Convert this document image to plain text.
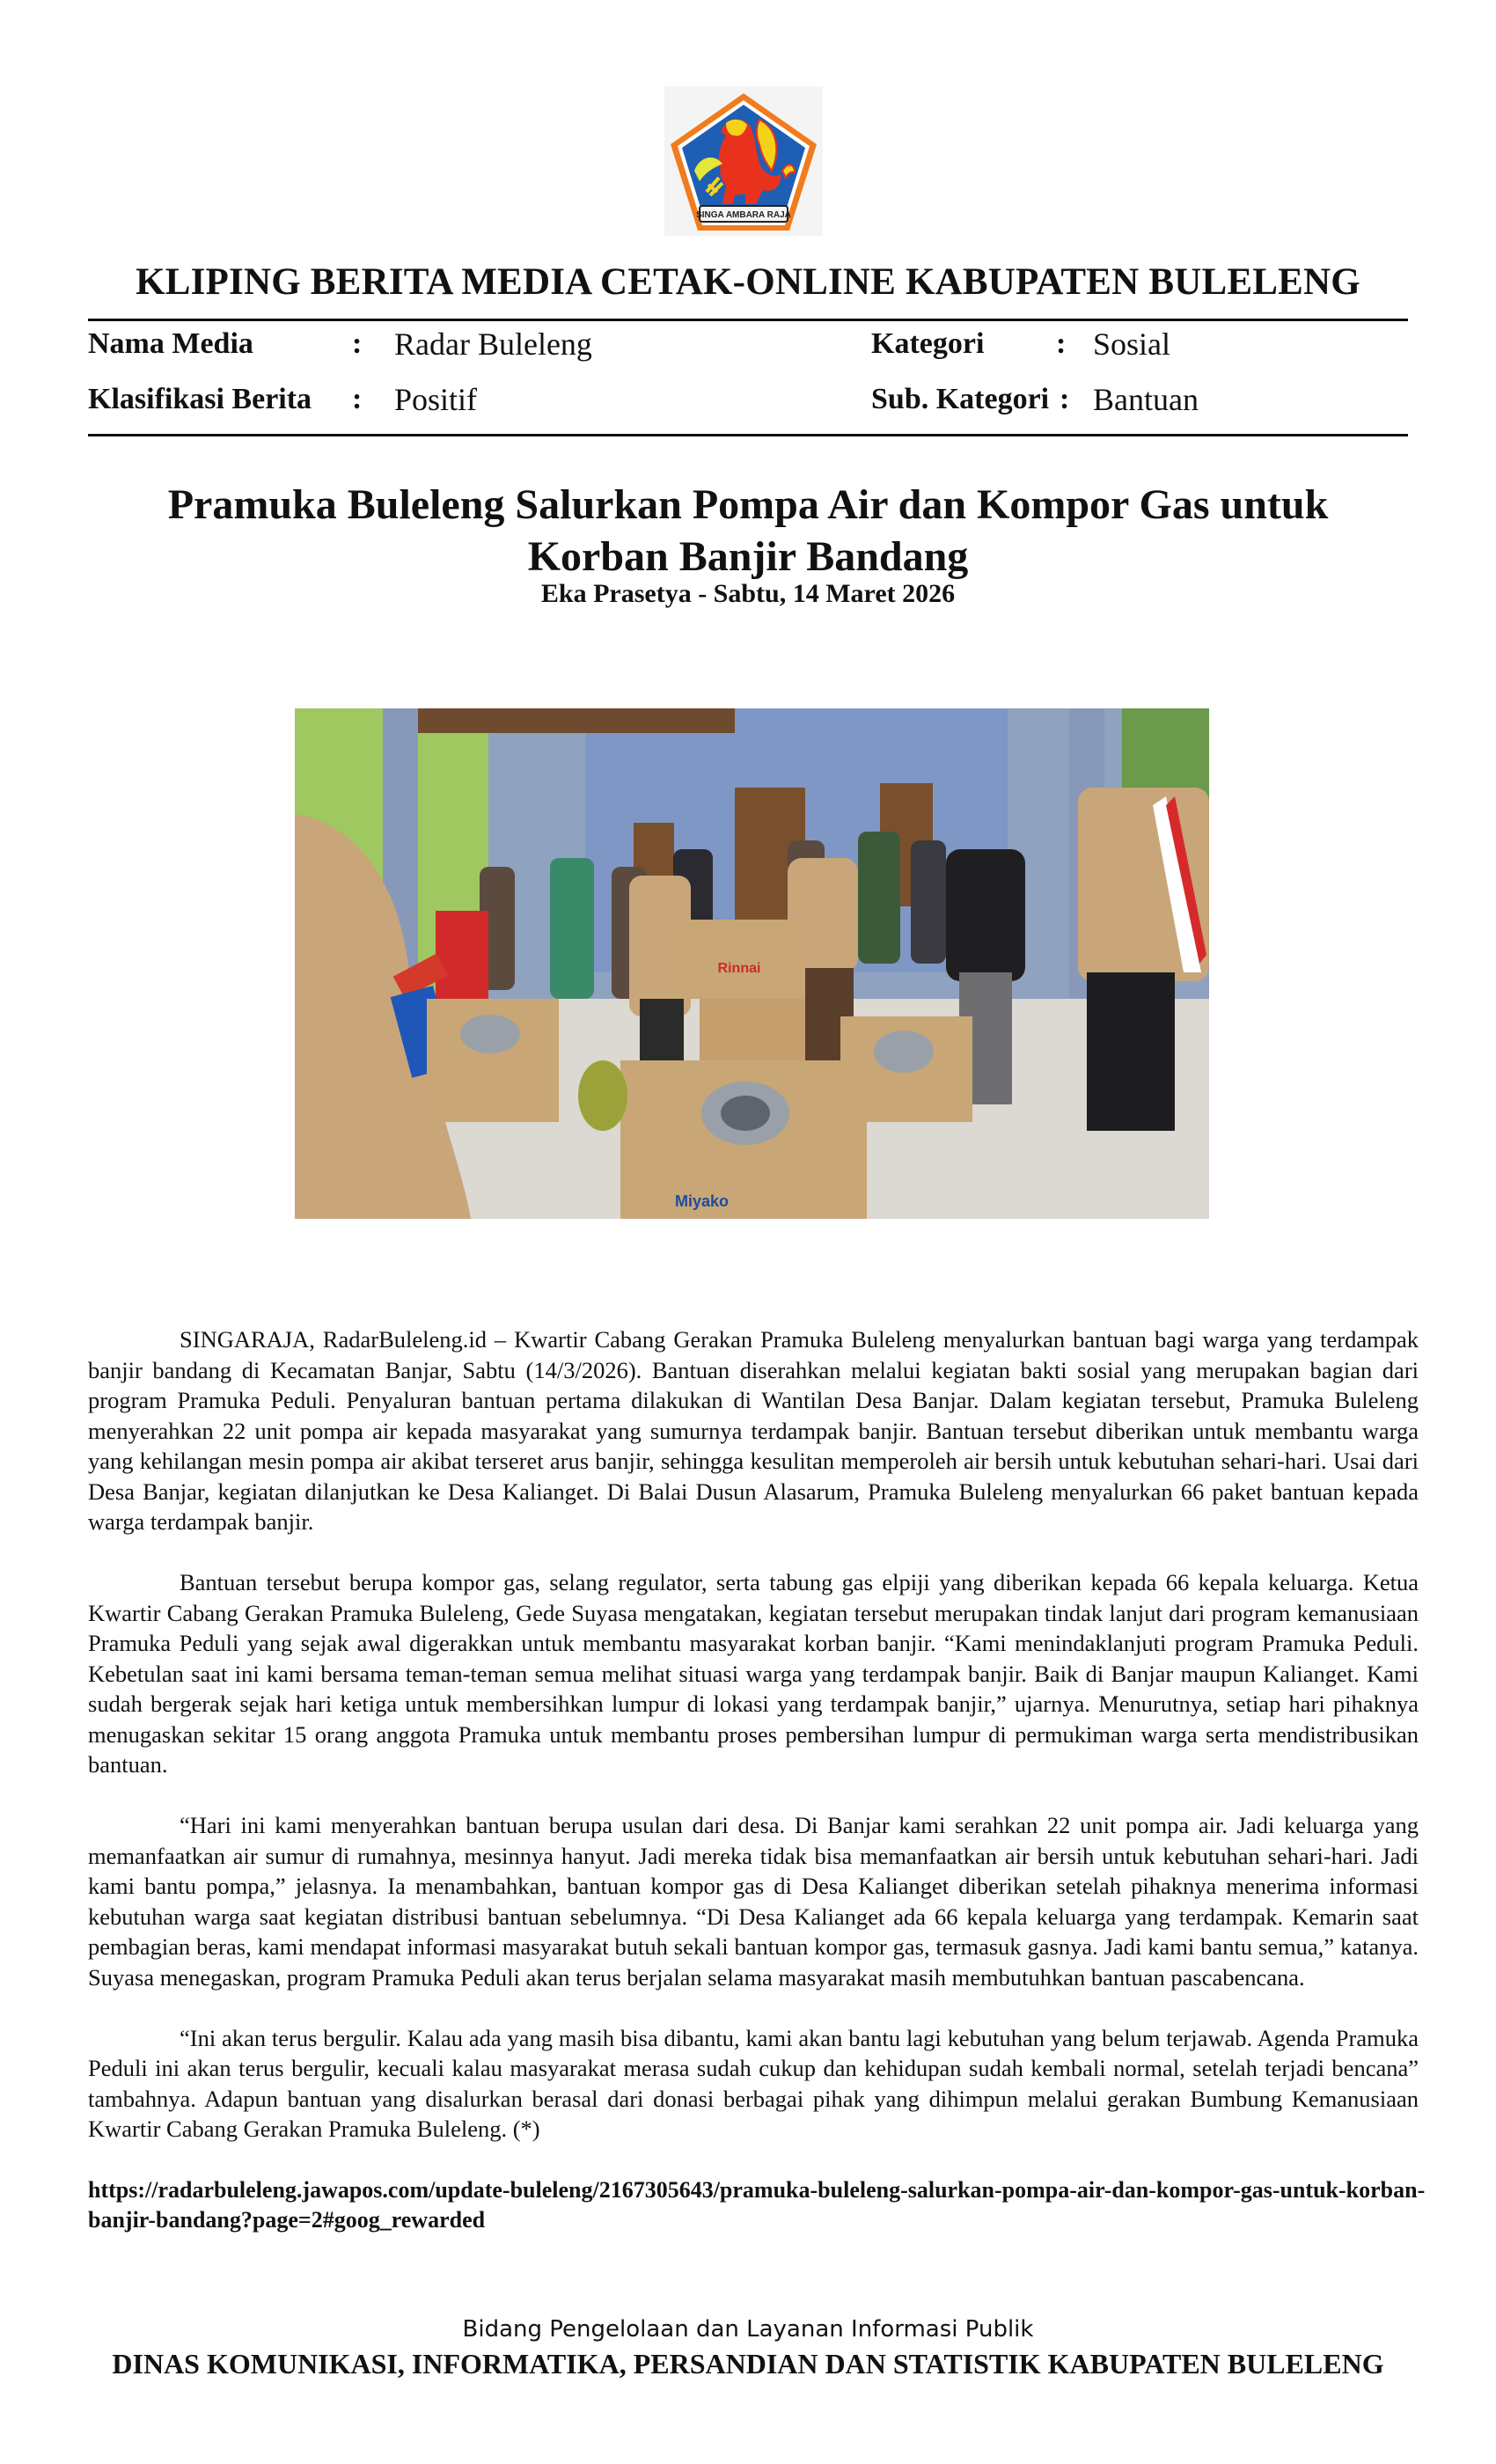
SINGA AMBARA RAJA
KLIPING BERITA MEDIA CETAK-ONLINE KABUPATEN BULELENG
Nama Media	: Radar Buleleng
Klasifikasi Berita : Positif
Kategori : Sosial
Sub. Kategori : Bantuan
Pramuka Buleleng Salurkan Pompa Air dan Kompor Gas untuk Korban Banjir Bandang
Eka Prasetya - Sabtu, 14 Maret 2026
Rinnai
Miyako

SINGARAJA, RadarBuleleng.id – Kwartir Cabang Gerakan Pramuka Buleleng menyalurkan bantuan bagi warga yang terdampak banjir bandang di Kecamatan Banjar, Sabtu (14/3/2026). Bantuan diserahkan melalui kegiatan bakti sosial yang merupakan bagian dari program Pramuka Peduli. Penyaluran bantuan pertama dilakukan di Wantilan Desa Banjar. Dalam kegiatan tersebut, Pramuka Buleleng menyerahkan 22 unit pompa air kepada masyarakat yang sumurnya terdampak banjir. Bantuan tersebut diberikan untuk membantu warga yang kehilangan mesin pompa air akibat terseret arus banjir, sehingga kesulitan memperoleh air bersih untuk kebutuhan sehari-hari. Usai dari Desa Banjar, kegiatan dilanjutkan ke Desa Kalianget. Di Balai Dusun Alasarum, Pramuka Buleleng menyalurkan 66 paket bantuan kepada warga terdampak banjir.

Bantuan tersebut berupa kompor gas, selang regulator, serta tabung gas elpiji yang diberikan kepada 66 kepala keluarga. Ketua Kwartir Cabang Gerakan Pramuka Buleleng, Gede Suyasa mengatakan, kegiatan tersebut merupakan tindak lanjut dari program kemanusiaan Pramuka Peduli yang sejak awal digerakkan untuk membantu masyarakat korban banjir. “Kami menindaklanjuti program Pramuka Peduli. Kebetulan saat ini kami bersama teman-teman semua melihat situasi warga yang terdampak banjir. Baik di Banjar maupun Kalianget. Kami sudah bergerak sejak hari ketiga untuk membersihkan lumpur di lokasi yang terdampak banjir,” ujarnya. Menurutnya, setiap hari pihaknya menugaskan sekitar 15 orang anggota Pramuka untuk membantu proses pembersihan lumpur di permukiman warga serta mendistribusikan bantuan.

“Hari ini kami menyerahkan bantuan berupa usulan dari desa. Di Banjar kami serahkan 22 unit pompa air. Jadi keluarga yang memanfaatkan air sumur di rumahnya, mesinnya hanyut. Jadi mereka tidak bisa memanfaatkan air bersih untuk kebutuhan sehari-hari. Jadi kami bantu pompa,” jelasnya. Ia menambahkan, bantuan kompor gas di Desa Kalianget diberikan setelah pihaknya menerima informasi kebutuhan warga saat kegiatan distribusi bantuan sebelumnya. “Di Desa Kalianget ada 66 kepala keluarga yang terdampak. Kemarin saat pembagian beras, kami mendapat informasi masyarakat butuh sekali bantuan kompor gas, termasuk gasnya. Jadi kami bantu semua,” katanya. Suyasa menegaskan, program Pramuka Peduli akan terus berjalan selama masyarakat masih membutuhkan bantuan pascabencana.

“Ini akan terus bergulir. Kalau ada yang masih bisa dibantu, kami akan bantu lagi kebutuhan yang belum terjawab. Agenda Pramuka Peduli ini akan terus bergulir, kecuali kalau masyarakat merasa sudah cukup dan kehidupan sudah kembali normal, setelah terjadi bencana” tambahnya. Adapun bantuan yang disalurkan berasal dari donasi berbagai pihak yang dihimpun melalui gerakan Bumbung Kemanusiaan Kwartir Cabang Gerakan Pramuka Buleleng. (*)

https://radarbuleleng.jawapos.com/update-buleleng/2167305643/pramuka-buleleng-salurkan-pompa-air-dan-kompor-gas-untuk-korban-banjir-bandang?page=2#goog_rewarded
Bidang Pengelolaan dan Layanan Informasi Publik
DINAS KOMUNIKASI, INFORMATIKA, PERSANDIAN DAN STATISTIK KABUPATEN BULELENG
